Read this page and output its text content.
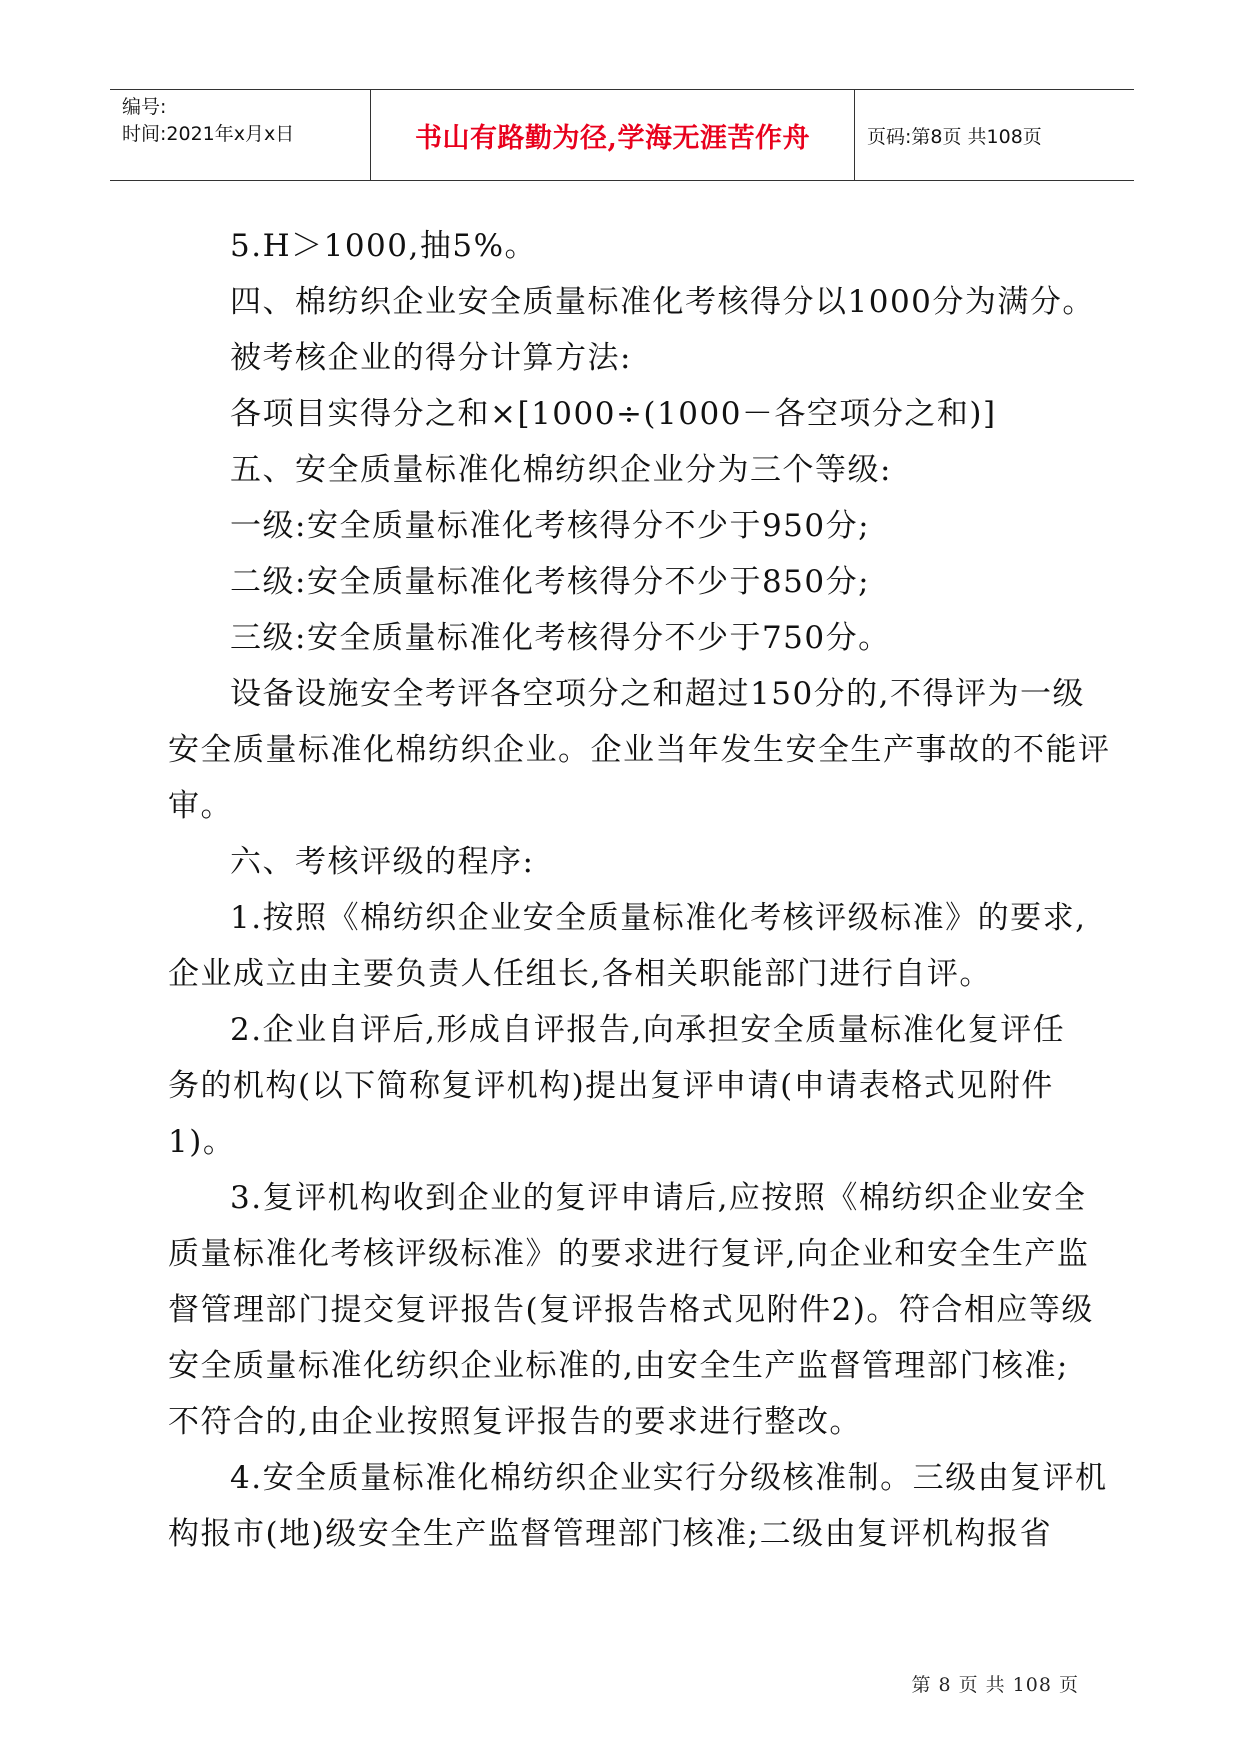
编号:
时间:2021年x月x日	书山有路勤为径,学海无涯苦作舟	页码:第8页 共108页

5.H＞1000,抽5%。

四、棉纺织企业安全质量标准化考核得分以1000分为满分。

被考核企业的得分计算方法:

各项目实得分之和×[1000÷(1000－各空项分之和)]

五、安全质量标准化棉纺织企业分为三个等级:

一级:安全质量标准化考核得分不少于950分;

二级:安全质量标准化考核得分不少于850分;

三级:安全质量标准化考核得分不少于750分。

设备设施安全考评各空项分之和超过150分的,不得评为一级

安全质量标准化棉纺织企业。企业当年发生安全生产事故的不能评

审。

六、考核评级的程序:

1.按照《棉纺织企业安全质量标准化考核评级标准》的要求,

企业成立由主要负责人任组长,各相关职能部门进行自评。

2.企业自评后,形成自评报告,向承担安全质量标准化复评任

务的机构(以下简称复评机构)提出复评申请(申请表格式见附件

1)。

3.复评机构收到企业的复评申请后,应按照《棉纺织企业安全

质量标准化考核评级标准》的要求进行复评,向企业和安全生产监

督管理部门提交复评报告(复评报告格式见附件2)。符合相应等级

安全质量标准化纺织企业标准的,由安全生产监督管理部门核准;

不符合的,由企业按照复评报告的要求进行整改。

4.安全质量标准化棉纺织企业实行分级核准制。三级由复评机

构报市(地)级安全生产监督管理部门核准;二级由复评机构报省

第 8 页 共 108 页
